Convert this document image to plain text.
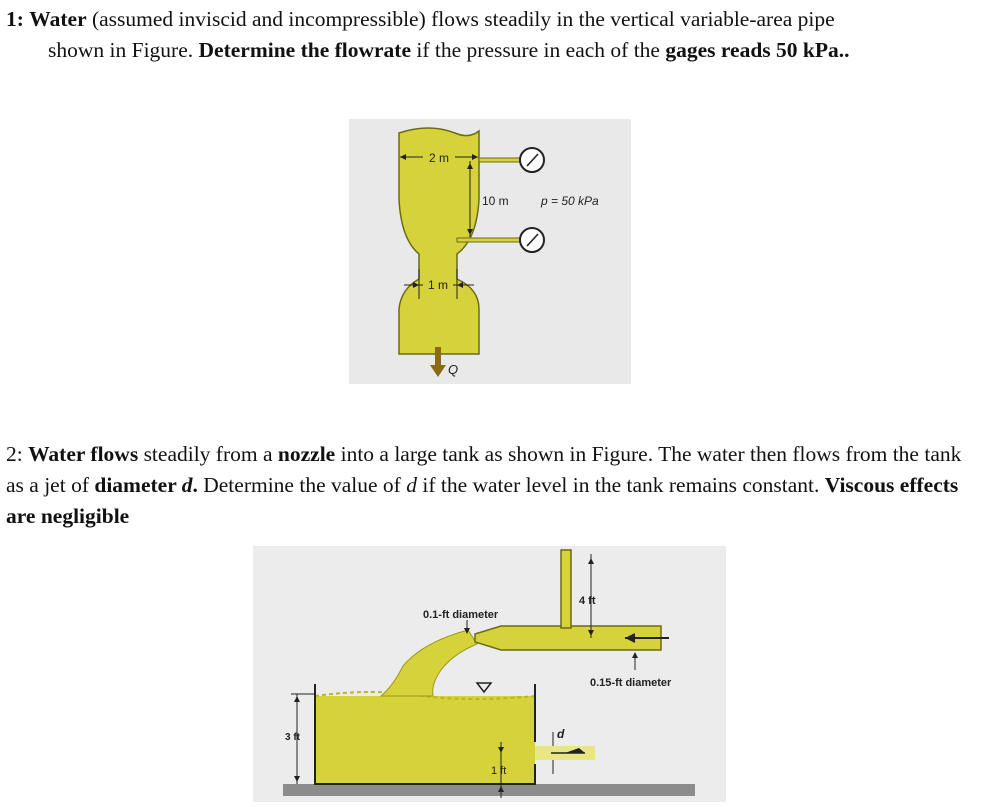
1: Water (assumed inviscid and incompressible) flows steadily in the vertical variable-area pipe
shown in Figure. Determine the flowrate if the pressure in each of the gages reads 50 kPa..

2 m
10 m	p = 50 kPa
1 m
Q

2: Water flows steadily from a nozzle into a large tank as shown in Figure. The water then flows from the tank as a jet of diameter d. Determine the value of d if the water level in the tank remains constant. Viscous effects are negligible

d
4 ft
0.15-ft diameter
0.1-ft diameter
3 ft
1 ft
